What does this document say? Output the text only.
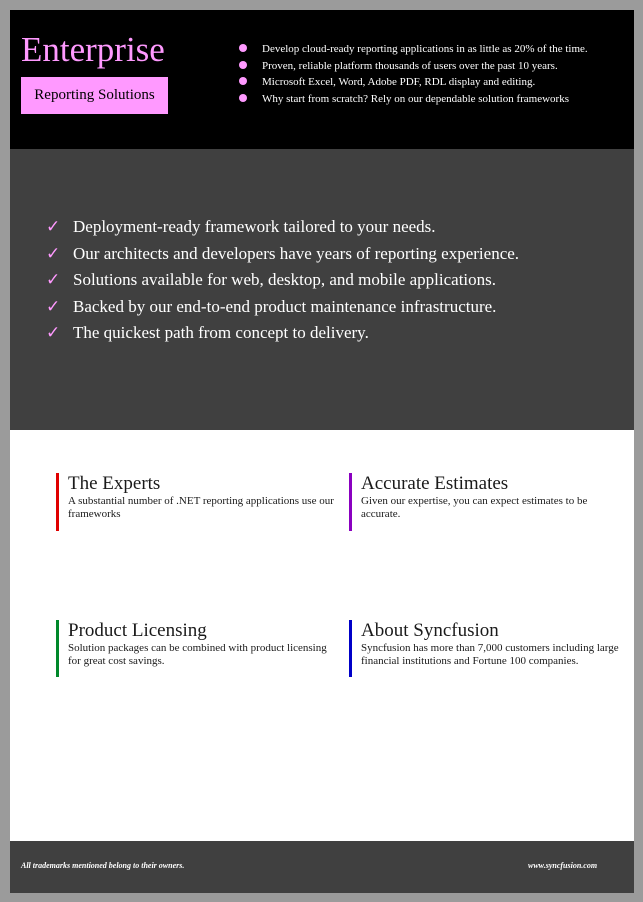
Enterprise
Reporting Solutions
Develop cloud-ready reporting applications in as little as 20% of the time.
Proven, reliable platform thousands of users over the past 10 years.
Microsoft Excel, Word, Adobe PDF, RDL display and editing.
Why start from scratch? Rely on our dependable solution frameworks
✓ Deployment-ready framework tailored to your needs.
✓ Our architects and developers have years of reporting experience.
✓ Solutions available for web, desktop, and mobile applications.
✓ Backed by our end-to-end product maintenance infrastructure.
✓ The quickest path from concept to delivery.
The Experts

A substantial number of .NET reporting applications use our frameworks

Accurate Estimates

Given our expertise, you can expect estimates to be accurate.

Product Licensing

Solution packages can be combined with product licensing for great cost savings.

About Syncfusion

Syncfusion has more than 7,000 customers including large financial institutions and Fortune 100 companies.

All trademarks mentioned belong to their owners.	www.syncfusion.com
